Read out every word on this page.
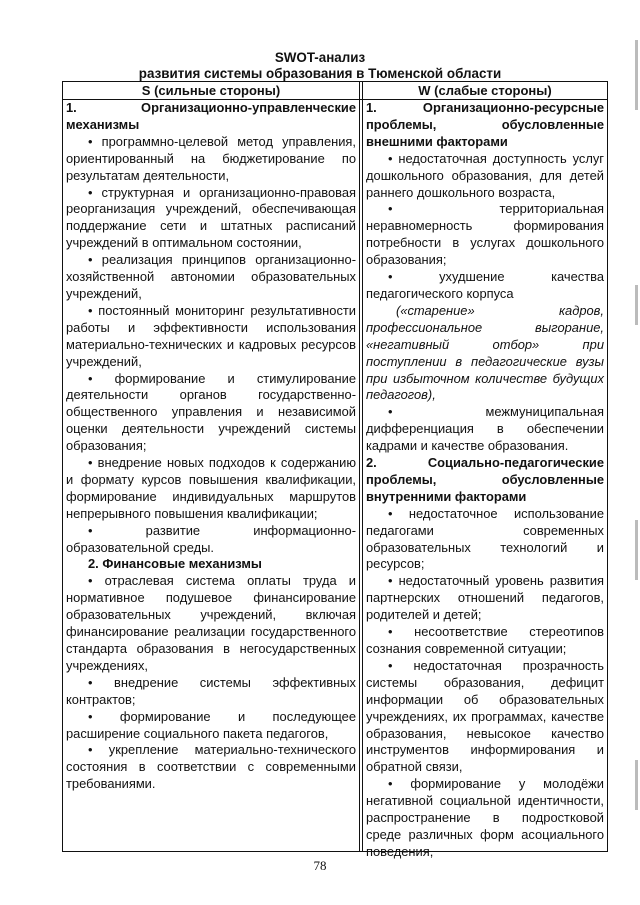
SWOT-анализ
развития системы образования в Тюменской области
S (сильные стороны)	W (слабые стороны)

1. Организационно-управленческие механизмы

• программно-целевой метод управления, ориентированный на бюджетирование по результатам деятельности,

• структурная и организационно-правовая реорганизация учреждений, обеспечивающая поддержание сети и штатных расписаний учреждений в оптимальном состоянии,

• реализация принципов организационно-хозяйственной автономии образовательных учреждений,

• постоянный мониторинг результативности работы и эффективности использования материально-технических и кадровых ресурсов учреждений,

• формирование и стимулирование деятельности органов государственно-общественного управления и независимой оценки деятельности учреждений системы образования;

• внедрение новых подходов к содержанию и формату курсов повышения квалификации, формирование индивидуальных маршрутов непрерывного повышения квалификации;

• развитие информационно-образовательной среды.

2. Финансовые механизмы

• отраслевая система оплаты труда и нормативное подушевое финансирование образовательных учреждений, включая финансирование реализации государственного стандарта образования в негосударственных учреждениях,

• внедрение системы эффективных контрактов;

• формирование и последующее расширение социального пакета педагогов,

• укрепление материально-технического состояния в соответствии с современными требованиями.

1. Организационно-ресурсные проблемы, обусловленные внешними факторами

• недостаточная доступность услуг дошкольного образования, для детей раннего дошкольного возраста,

• территориальная неравномерность формирования потребности в услугах дошкольного образования;

• ухудшение качества педагогического корпуса

(«старение» кадров, профессиональное выгорание, «негативный отбор» при поступлении в педагогические вузы при избыточном количестве будущих педагогов),

• межмуниципальная дифференциация в обеспечении кадрами и качестве образования.

2. Социально-педагогические проблемы, обусловленные внутренними факторами

• недостаточное использование педагогами современных образовательных технологий и ресурсов;

• недостаточный уровень развития партнерских отношений педагогов, родителей и детей;

• несоответствие стереотипов сознания современной ситуации;

• недостаточная прозрачность системы образования, дефицит информации об образовательных учреждениях, их программах, качестве образования, невысокое качество инструментов информирования и обратной связи,

• формирование у молодёжи негативной социальной идентичности, распространение в подростковой среде различных форм асоциального поведения,

78
